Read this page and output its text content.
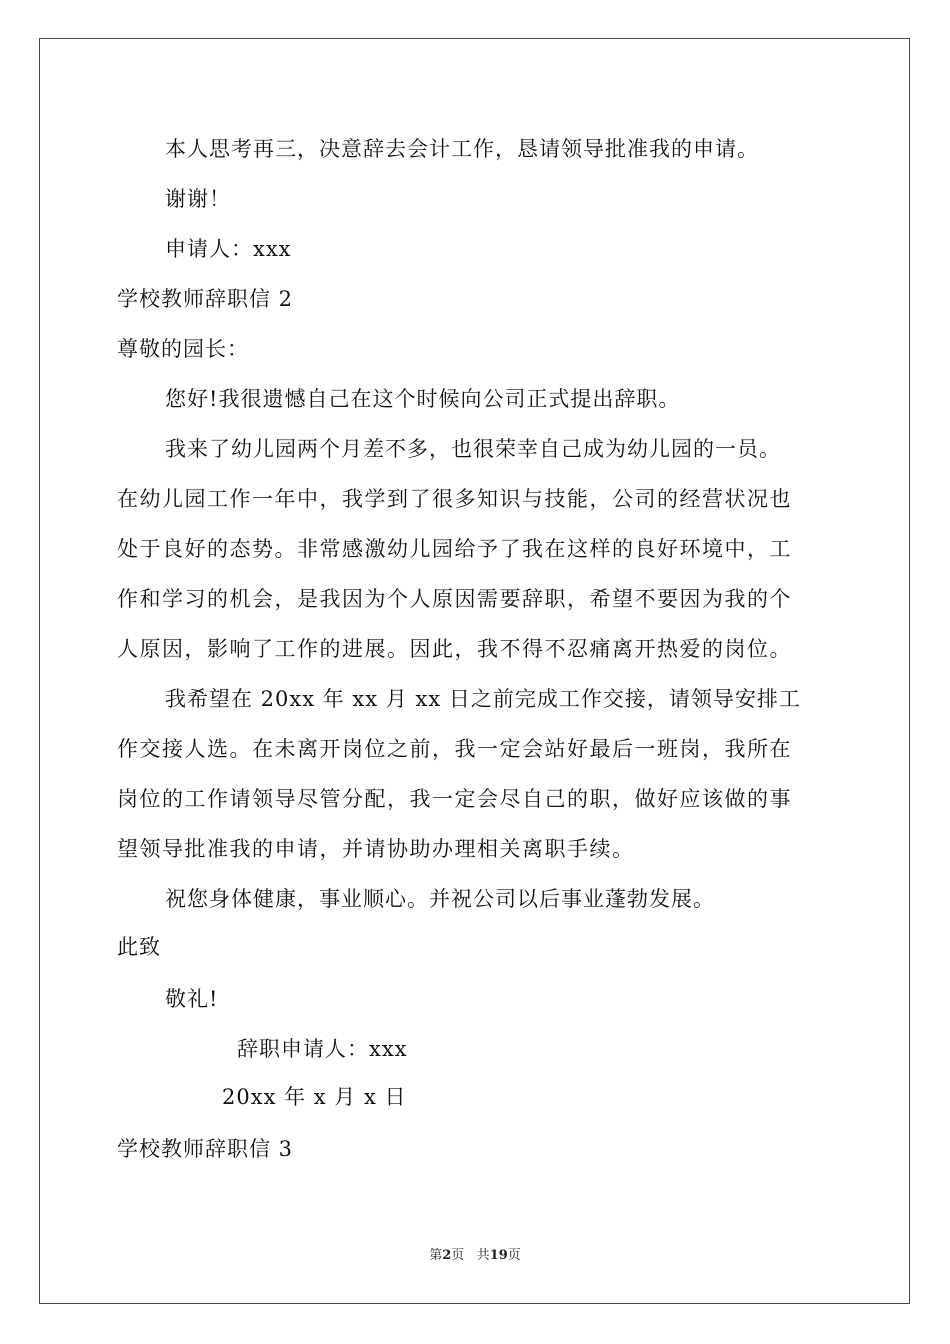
本人思考再三，决意辞去会计工作，恳请领导批准我的申请。
谢谢！
申请人：xxx
学校教师辞职信 2
尊敬的园长：
您好!我很遗憾自己在这个时候向公司正式提出辞职。
我来了幼儿园两个月差不多，也很荣幸自己成为幼儿园的一员。
在幼儿园工作一年中，我学到了很多知识与技能，公司的经营状况也
处于良好的态势。非常感激幼儿园给予了我在这样的良好环境中，工
作和学习的机会，是我因为个人原因需要辞职，希望不要因为我的个
人原因，影响了工作的进展。因此，我不得不忍痛离开热爱的岗位。
我希望在 20xx 年 xx 月 xx 日之前完成工作交接，请领导安排工
作交接人选。在未离开岗位之前，我一定会站好最后一班岗，我所在
岗位的工作请领导尽管分配，我一定会尽自己的职，做好应该做的事
望领导批准我的申请，并请协助办理相关离职手续。
祝您身体健康，事业顺心。并祝公司以后事业蓬勃发展。
此致
敬礼!
辞职申请人：xxx
20xx 年 x 月 x 日
学校教师辞职信 3
第2页 共19页
